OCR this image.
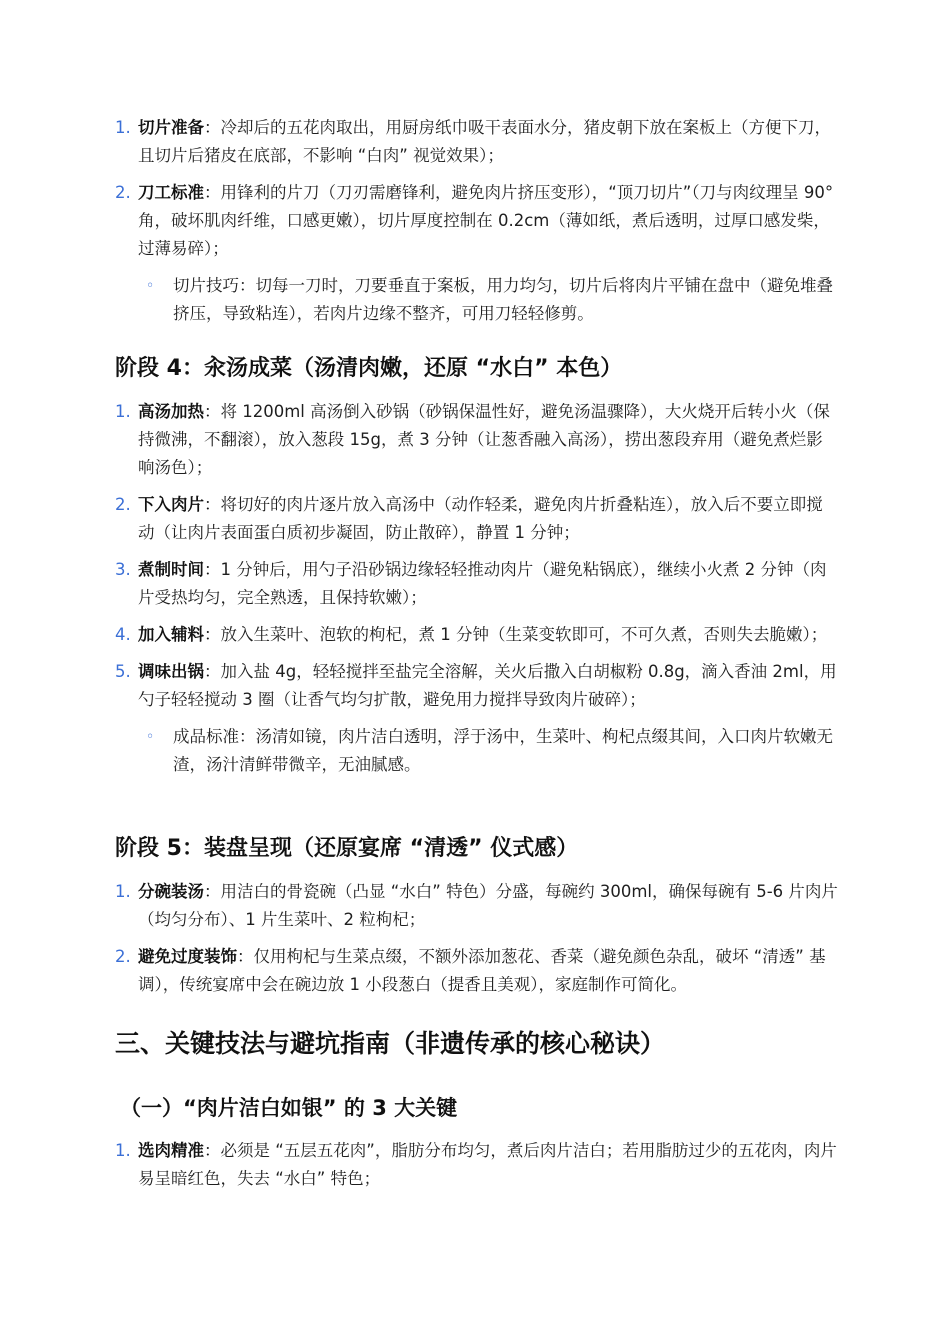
1. 切片准备：冷却后的五花肉取出，用厨房纸巾吸干表面水分，猪皮朝下放在案板上（方便下刀，且切片后猪皮在底部，不影响 “白肉” 视觉效果）；
2. 刀工标准：用锋利的片刀（刀刃需磨锋利，避免肉片挤压变形），“顶刀切片”（刀与肉纹理呈 90° 角，破坏肌肉纤维，口感更嫩），切片厚度控制在 0.2cm（薄如纸，煮后透明，过厚口感发柴，过薄易碎）；
◦ 切片技巧：切每一刀时，刀要垂直于案板，用力均匀，切片后将肉片平铺在盘中（避免堆叠挤压，导致粘连），若肉片边缘不整齐，可用刀轻轻修剪。
阶段 4：汆汤成菜（汤清肉嫩，还原 “水白” 本色）
1. 高汤加热：将 1200ml 高汤倒入砂锅（砂锅保温性好，避免汤温骤降），大火烧开后转小火（保持微沸，不翻滚），放入葱段 15g，煮 3 分钟（让葱香融入高汤），捞出葱段弃用（避免煮烂影响汤色）；
2. 下入肉片：将切好的肉片逐片放入高汤中（动作轻柔，避免肉片折叠粘连），放入后不要立即搅动（让肉片表面蛋白质初步凝固，防止散碎），静置 1 分钟；
3. 煮制时间：1 分钟后，用勺子沿砂锅边缘轻轻推动肉片（避免粘锅底），继续小火煮 2 分钟（肉片受热均匀，完全熟透，且保持软嫩）；
4. 加入辅料：放入生菜叶、泡软的枸杞，煮 1 分钟（生菜变软即可，不可久煮，否则失去脆嫩）；
5. 调味出锅：加入盐 4g，轻轻搅拌至盐完全溶解，关火后撒入白胡椒粉 0.8g，滴入香油 2ml，用勺子轻轻搅动 3 圈（让香气均匀扩散，避免用力搅拌导致肉片破碎）；
◦ 成品标准：汤清如镜，肉片洁白透明，浮于汤中，生菜叶、枸杞点缀其间，入口肉片软嫩无渣，汤汁清鲜带微辛，无油腻感。
阶段 5：装盘呈现（还原宴席 “清透” 仪式感）
1. 分碗装汤：用洁白的骨瓷碗（凸显 “水白” 特色）分盛，每碗约 300ml，确保每碗有 5-6 片肉片（均匀分布）、1 片生菜叶、2 粒枸杞；
2. 避免过度装饰：仅用枸杞与生菜点缀，不额外添加葱花、香菜（避免颜色杂乱，破坏 “清透” 基调），传统宴席中会在碗边放 1 小段葱白（提香且美观），家庭制作可简化。
三、关键技法与避坑指南（非遗传承的核心秘诀）
（一）“肉片洁白如银” 的 3 大关键
1. 选肉精准：必须是 “五层五花肉”，脂肪分布均匀，煮后肉片洁白；若用脂肪过少的五花肉，肉片易呈暗红色，失去 “水白” 特色；
